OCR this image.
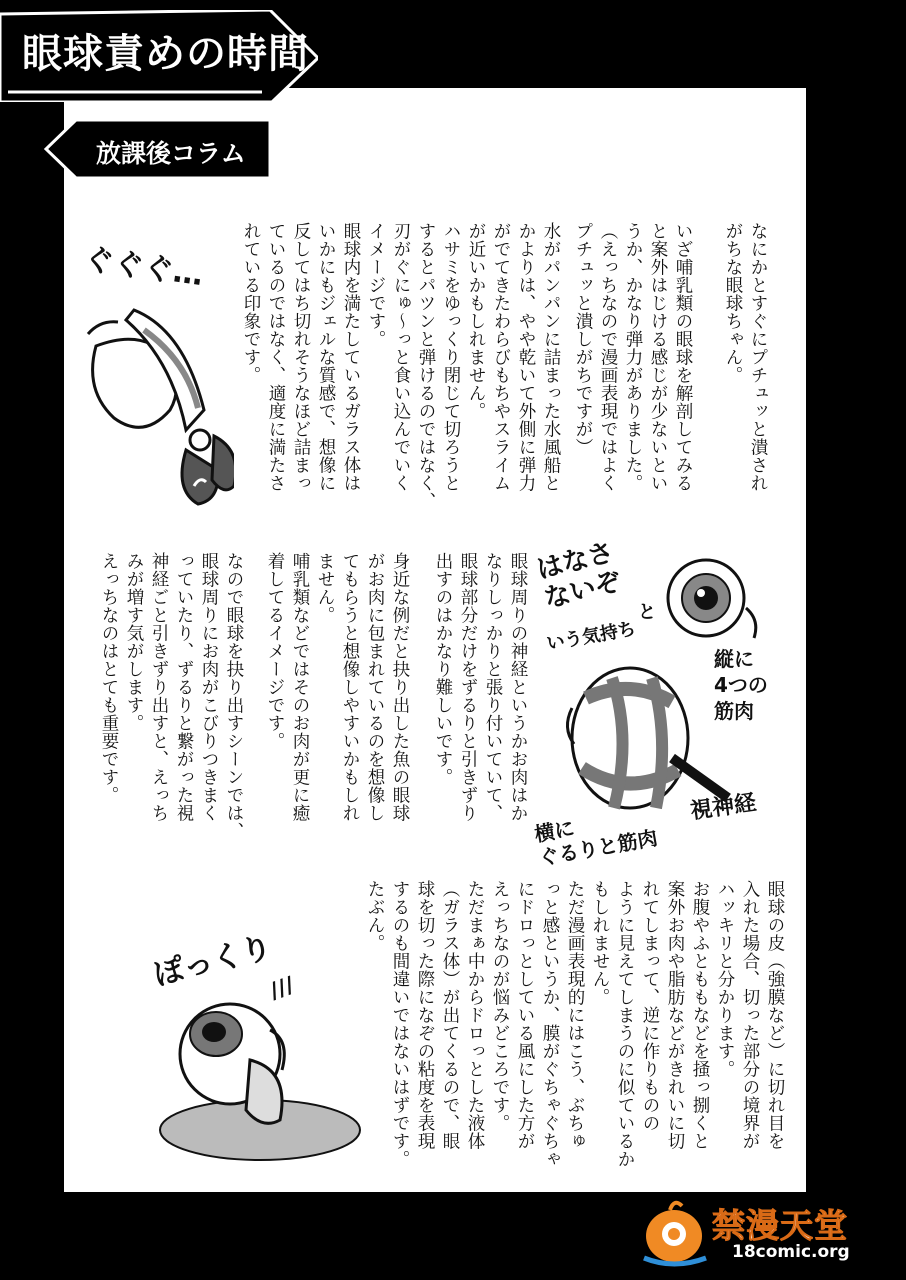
眼球責めの時間
放課後コラム
なにかとすぐにプチュッと潰され
がちな眼球ちゃん。

いざ哺乳類の眼球を解剖してみる
と案外はじける感じが少ないとい
うか、かなり弾力がありました。
（えっちなので漫画表現ではよく
プチュッと潰しがちですが）
水がパンパンに詰まった水風船と
かよりは、やや乾いて外側に弾力
がでてきたわらびもちやスライム
が近いかもしれません。
ハサミをゆっくり閉じて切ろうと
するとパツンと弾けるのではなく、
刃がぐにゅ〜っと食い込んでいく
イメージです。
眼球内を満たしているガラス体は
いかにもジェルな質感で、想像に
反してはち切れそうなほど詰まっ
ているのではなく、適度に満たさ
れている印象です。
眼球周りの神経というかお肉はか
なりしっかりと張り付いていて、
眼球部分だけをずるりと引きずり
出すのはかなり難しいです。
身近な例だと抉り出した魚の眼球
がお肉に包まれているのを想像し
てもらうと想像しやすいかもしれ
ません。
哺乳類などではそのお肉が更に癒
着してるイメージです。
なので眼球を抉り出すシーンでは、
眼球周りにお肉がこびりつきまく
っていたり、ずるりと繋がった視
神経ごと引きずり出すと、えっち
みが増す気がします。
えっちなのはとても重要です。
眼球の皮（強膜など）に切れ目を
入れた場合、切った部分の境界が
ハッキリと分かります。
お腹やふとももなどを掻っ捌くと
案外お肉や脂肪などがきれいに切
れてしまって、逆に作りものの
ように見えてしまうのに似ているか
もしれません。
ただ漫画表現的にはこう、ぶちゅ
っと感というか、膜がぐちゃぐちゃ
にドロっとしている風にした方が
えっちなのが悩みどころです。
ただまぁ中からドロっとした液体
（ガラス体）が出てくるので、眼
球を切った際になぞの粘度を表現
するのも間違いではないはずです。
たぶん。
ぐぐぐ…
はなさ
ないぞ と
いう気持ち
縦に
4つの
筋肉
視神経
横に
ぐるりと筋肉
ぽっくり
///
禁漫天堂
18comic.org
